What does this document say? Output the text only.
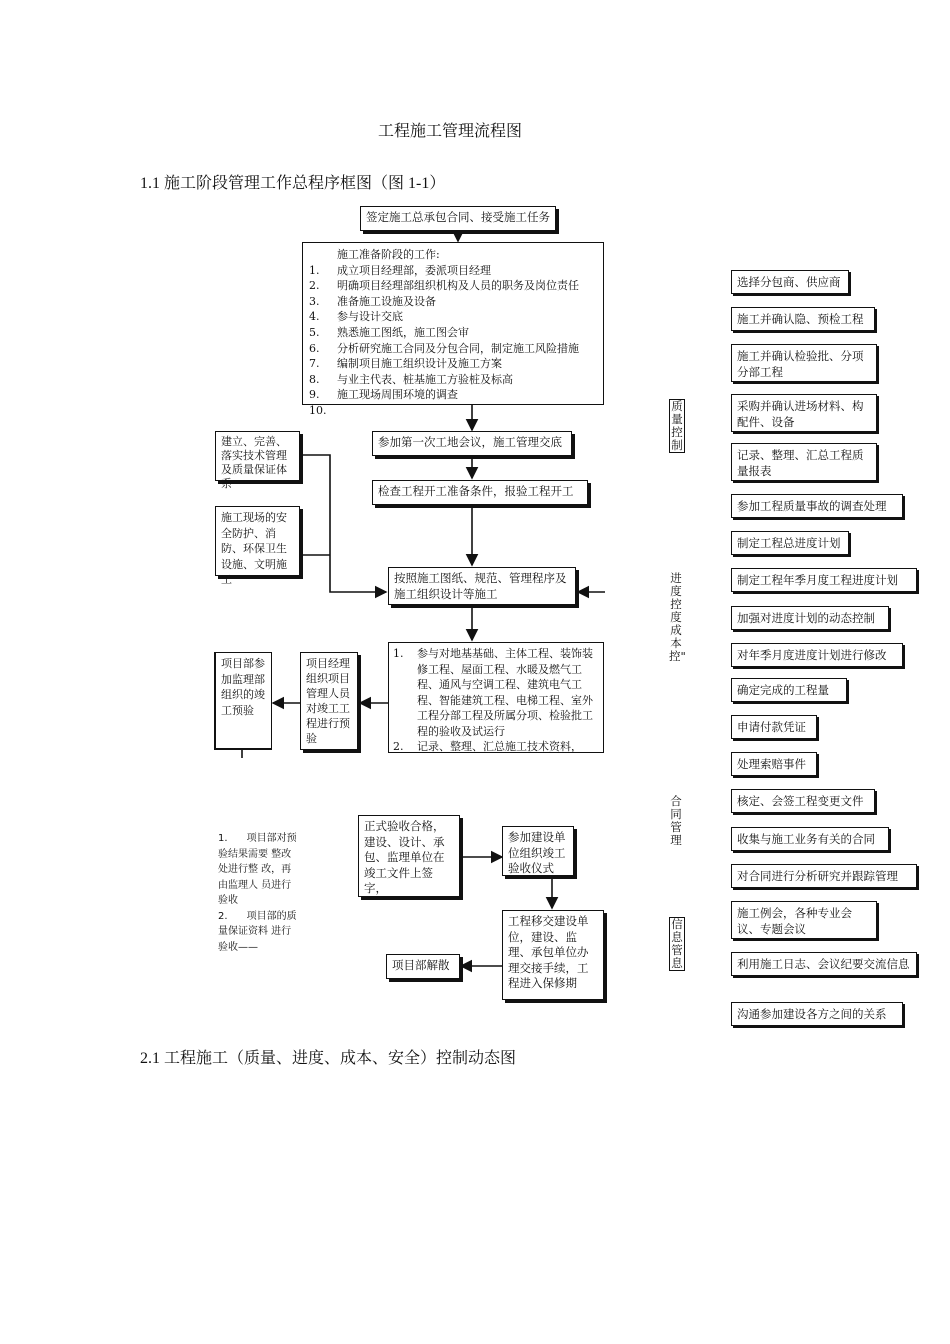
工程施工管理流程图
1.1 施工阶段管理工作总程序框图（图 1-1）
2.1 工程施工（质量、进度、成本、安全）控制动态图
签定施工总承包合同、接受施工任务
施工准备阶段的工作:
1.	成立项目经理部，委派项目经理
2.	明确项目经理部组织机构及人员的职务及岗位责任
3.	准备施工设施及设备
4.	参与设计交底
5.	熟悉施工图纸，施工图会审
6.	分析研究施工合同及分包合同，制定施工风险措施
7.	编制项目施工组织设计及施工方案
8.	与业主代表、桩基施工方验桩及标高
9.	施工现场周围环境的调查
10.
参加第一次工地会议，施工管理交底
检查工程开工准备条件，报验工程开工
建立、完善、落实技术管理及质量保证体系
施工现场的安全防护、消防、环保卫生设施、文明施工	按照施工图纸、规范、管理程序及施工组织设计等施工
1.	参与对地基基础、主体工程、装饰装修工程、屋面工程、水暖及燃气工程、通风与空调工程、建筑电气工程、智能建筑工程、电梯工程、室外工程分部工程及所属分项、检验批工程的验收及试运行
2.	记录、整理、汇总施工技术资料，
项目经理组织项目管理人员对竣工工程进行预验
项目部参加监理部组织的竣工预验
正式验收合格，建设、设计、承包、监理单位在竣工文件上签字，
参加建设单位组织竣工验收仪式
工程移交建设单位，建设、监理、承包单位办理交接手续，工程进入保修期
项目部解散
1. 项目部对预验结果需要 整改处进行整 改，再由监理人 员进行验收
2. 项目部的质量保证资料 进行验收——
质量控制
进度控度成本控"
合同管理
信息管息
选择分包商、供应商
施工并确认隐、预检工程
施工并确认检验批、分项分部工程
采购并确认进场材料、构配件、设备
记录、整理、汇总工程质量报表
参加工程质量事故的调查处理
制定工程总进度计划
制定工程年季月度工程进度计划
加强对进度计划的动态控制
对年季月度进度计划进行修改
确定完成的工程量
申请付款凭证
处理索赔事件
核定、会签工程变更文件
收集与施工业务有关的合同
对合同进行分析研究并跟踪管理
施工例会，各种专业会议、专题会议
利用施工日志、会议纪要交流信息
沟通参加建设各方之间的关系
